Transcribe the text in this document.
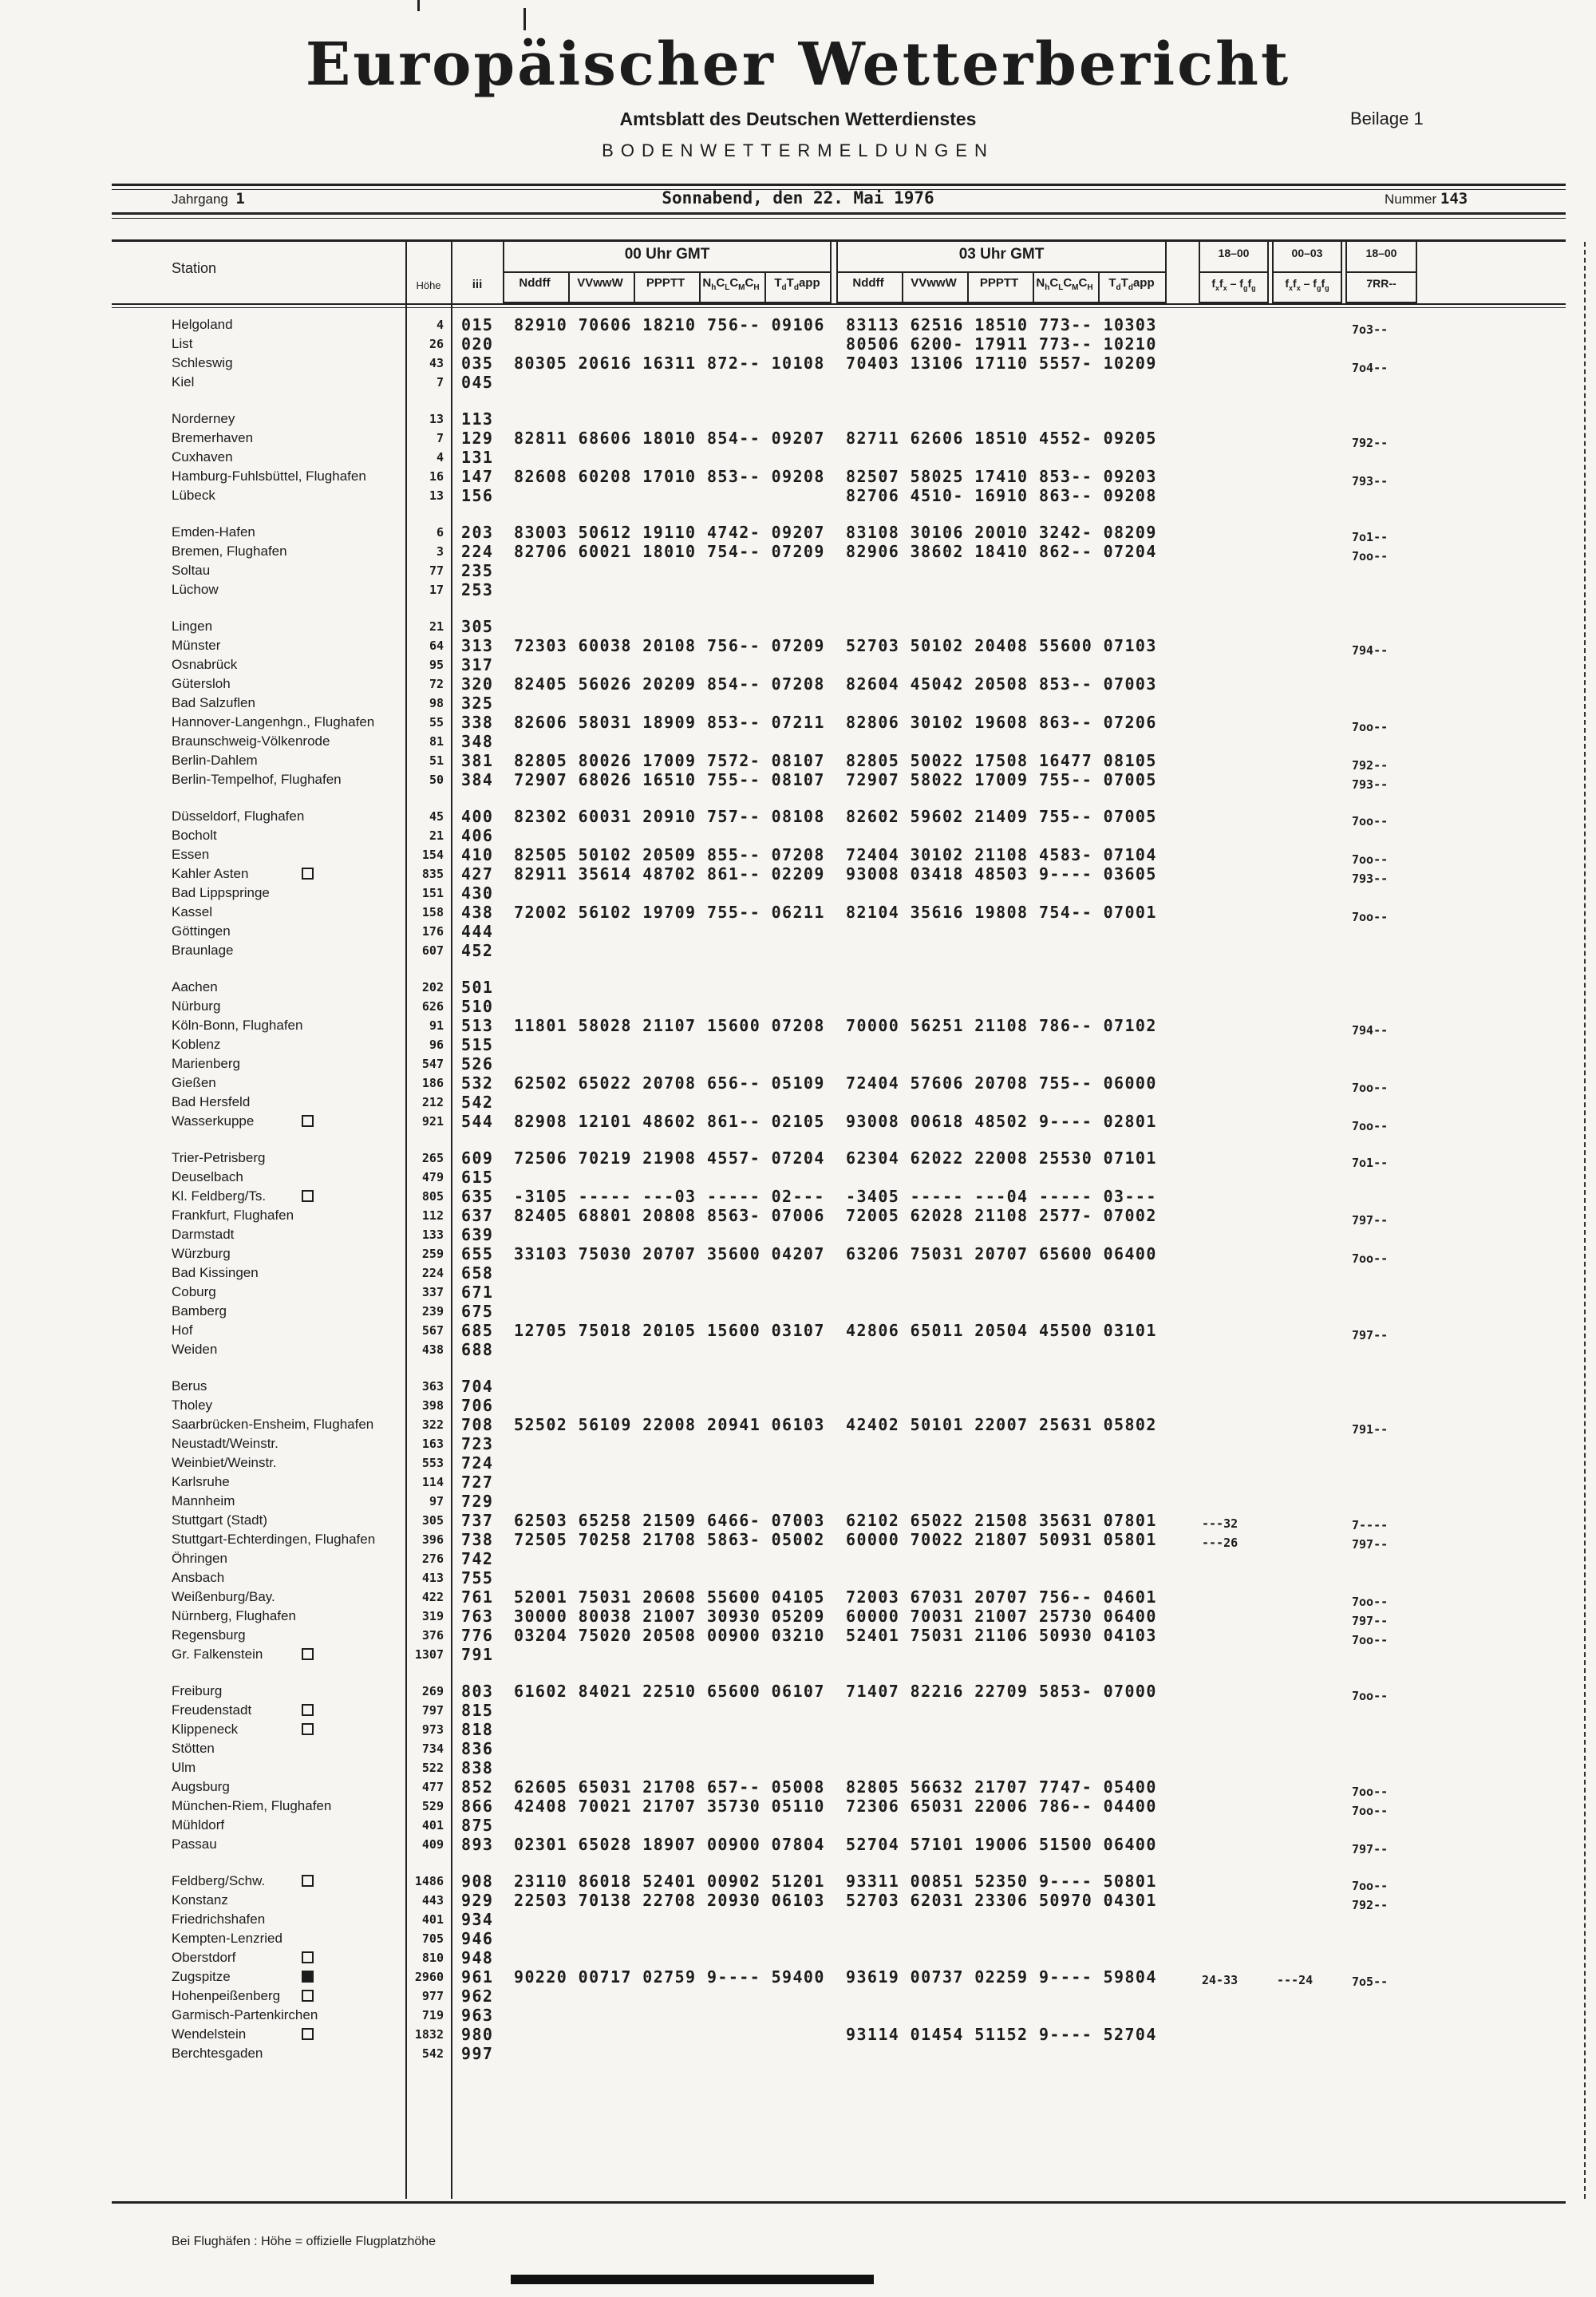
Europäischer Wetterbericht
Amtsblatt des Deutschen Wetterdienstes	Beilage 1
BODENWETTERMELDUNGEN
Jahrgang 1	Sonnabend, den 22. Mai 1976	Nummer 143
Station
Höhe	iii
00 Uhr GMT
Nddff	VVwwW	PPPTT	$N_hC_LC_MC_H$	$T_dT_dapp$
03 Uhr GMT
Nddff	VVwwW	PPPTT	$N_hC_LC_MC_H$	$T_dT_dapp$
18–00	00–03	18–00
$f_xf_x - f_gf_g$	$f_xf_x - f_gf_g$	7RR--
Helgoland	4 015 82910 70606 18210 756-- 09106 83113 62516 18510 773-- 10303	7o3--
List	26 020	80506 6200- 17911 773-- 10210
Schleswig	43 035 80305 20616 16311 872-- 10108 70403 13106 17110 5557- 10209	7o4--
Kiel	7 045
Norderney	13 113
Bremerhaven	7 129 82811 68606 18010 854-- 09207 82711 62606 18510 4552- 09205	792--
Cuxhaven	4 131
Hamburg-Fuhlsbüttel, Flughafen	16 147 82608 60208 17010 853-- 09208 82507 58025 17410 853-- 09203	793--
Lübeck	13 156	82706 4510- 16910 863-- 09208
Emden-Hafen	6 203 83003 50612 19110 4742- 09207 83108 30106 20010 3242- 08209	7o1--
Bremen, Flughafen	3 224 82706 60021 18010 754-- 07209 82906 38602 18410 862-- 07204	7oo--
Soltau	77 235
Lüchow	17 253
Lingen	21 305
Münster	64 313 72303 60038 20108 756-- 07209 52703 50102 20408 55600 07103	794--
Osnabrück	95 317
Gütersloh	72 320 82405 56026 20209 854-- 07208 82604 45042 20508 853-- 07003
Bad Salzuflen	98 325
Hannover-Langenhgn., Flughafen	55 338 82606 58031 18909 853-- 07211 82806 30102 19608 863-- 07206	7oo--
Braunschweig-Völkenrode	81 348
Berlin-Dahlem	51 381 82805 80026 17009 7572- 08107 82805 50022 17508 16477 08105	792--
Berlin-Tempelhof, Flughafen	50 384 72907 68026 16510 755-- 08107 72907 58022 17009 755-- 07005	793--
Düsseldorf, Flughafen	45 400 82302 60031 20910 757-- 08108 82602 59602 21409 755-- 07005	7oo--
Bocholt	21 406
Essen	154 410 82505 50102 20509 855-- 07208 72404 30102 21108 4583- 07104	7oo--
Kahler Asten	835 427 82911 35614 48702 861-- 02209 93008 03418 48503 9---- 03605	793--
Bad Lippspringe	151 430
Kassel	158 438 72002 56102 19709 755-- 06211 82104 35616 19808 754-- 07001	7oo--
Göttingen	176 444
Braunlage	607 452
Aachen	202 501
Nürburg	626 510
Köln-Bonn, Flughafen	91 513 11801 58028 21107 15600 07208 70000 56251 21108 786-- 07102	794--
Koblenz	96 515
Marienberg	547 526
Gießen	186 532 62502 65022 20708 656-- 05109 72404 57606 20708 755-- 06000	7oo--
Bad Hersfeld	212 542
Wasserkuppe	921 544 82908 12101 48602 861-- 02105 93008 00618 48502 9---- 02801	7oo--
Trier-Petrisberg	265 609 72506 70219 21908 4557- 07204 62304 62022 22008 25530 07101	7o1--
Deuselbach	479 615
Kl. Feldberg/Ts.	805 635 -3105 ----- ---03 ----- 02--- -3405 ----- ---04 ----- 03---
Frankfurt, Flughafen	112 637 82405 68801 20808 8563- 07006 72005 62028 21108 2577- 07002	797--
Darmstadt	133 639
Würzburg	259 655 33103 75030 20707 35600 04207 63206 75031 20707 65600 06400	7oo--
Bad Kissingen	224 658
Coburg	337 671
Bamberg	239 675
Hof	567 685 12705 75018 20105 15600 03107 42806 65011 20504 45500 03101	797--
Weiden	438 688
Berus	363 704
Tholey	398 706
Saarbrücken-Ensheim, Flughafen	322 708 52502 56109 22008 20941 06103 42402 50101 22007 25631 05802	791--
Neustadt/Weinstr.	163 723
Weinbiet/Weinstr.	553 724
Karlsruhe	114 727
Mannheim	97 729
Stuttgart (Stadt)	305 737 62503 65258 21509 6466- 07003 62102 65022 21508 35631 07801	---32	7----
Stuttgart-Echterdingen, Flughafen	396 738 72505 70258 21708 5863- 05002 60000 70022 21807 50931 05801	---26	797--
Öhringen	276 742
Ansbach	413 755
Weißenburg/Bay.	422 761 52001 75031 20608 55600 04105 72003 67031 20707 756-- 04601	7oo--
Nürnberg, Flughafen	319 763 30000 80038 21007 30930 05209 60000 70031 21007 25730 06400	797--
Regensburg	376 776 03204 75020 20508 00900 03210 52401 75031 21106 50930 04103	7oo--
Gr. Falkenstein	1307 791
Freiburg	269 803 61602 84021 22510 65600 06107 71407 82216 22709 5853- 07000	7oo--
Freudenstadt	797 815
Klippeneck	973 818
Stötten	734 836
Ulm	522 838
Augsburg	477 852 62605 65031 21708 657-- 05008 82805 56632 21707 7747- 05400	7oo--
München-Riem, Flughafen	529 866 42408 70021 21707 35730 05110 72306 65031 22006 786-- 04400	7oo--
Mühldorf	401 875
Passau	409 893 02301 65028 18907 00900 07804 52704 57101 19006 51500 06400	797--
Feldberg/Schw.	1486 908 23110 86018 52401 00902 51201 93311 00851 52350 9---- 50801	7oo--
Konstanz	443 929 22503 70138 22708 20930 06103 52703 62031 23306 50970 04301	792--
Friedrichshafen	401 934
Kempten-Lenzried	705 946
Oberstdorf	810 948
Zugspitze	2960 961 90220 00717 02759 9---- 59400 93619 00737 02259 9---- 59804	24-33	---24	7o5--
Hohenpeißenberg	977 962
Garmisch-Partenkirchen	719 963
Wendelstein	1832 980	93114 01454 51152 9---- 52704
Berchtesgaden	542 997
Bei Flughäfen : Höhe = offizielle Flugplatzhöhe
